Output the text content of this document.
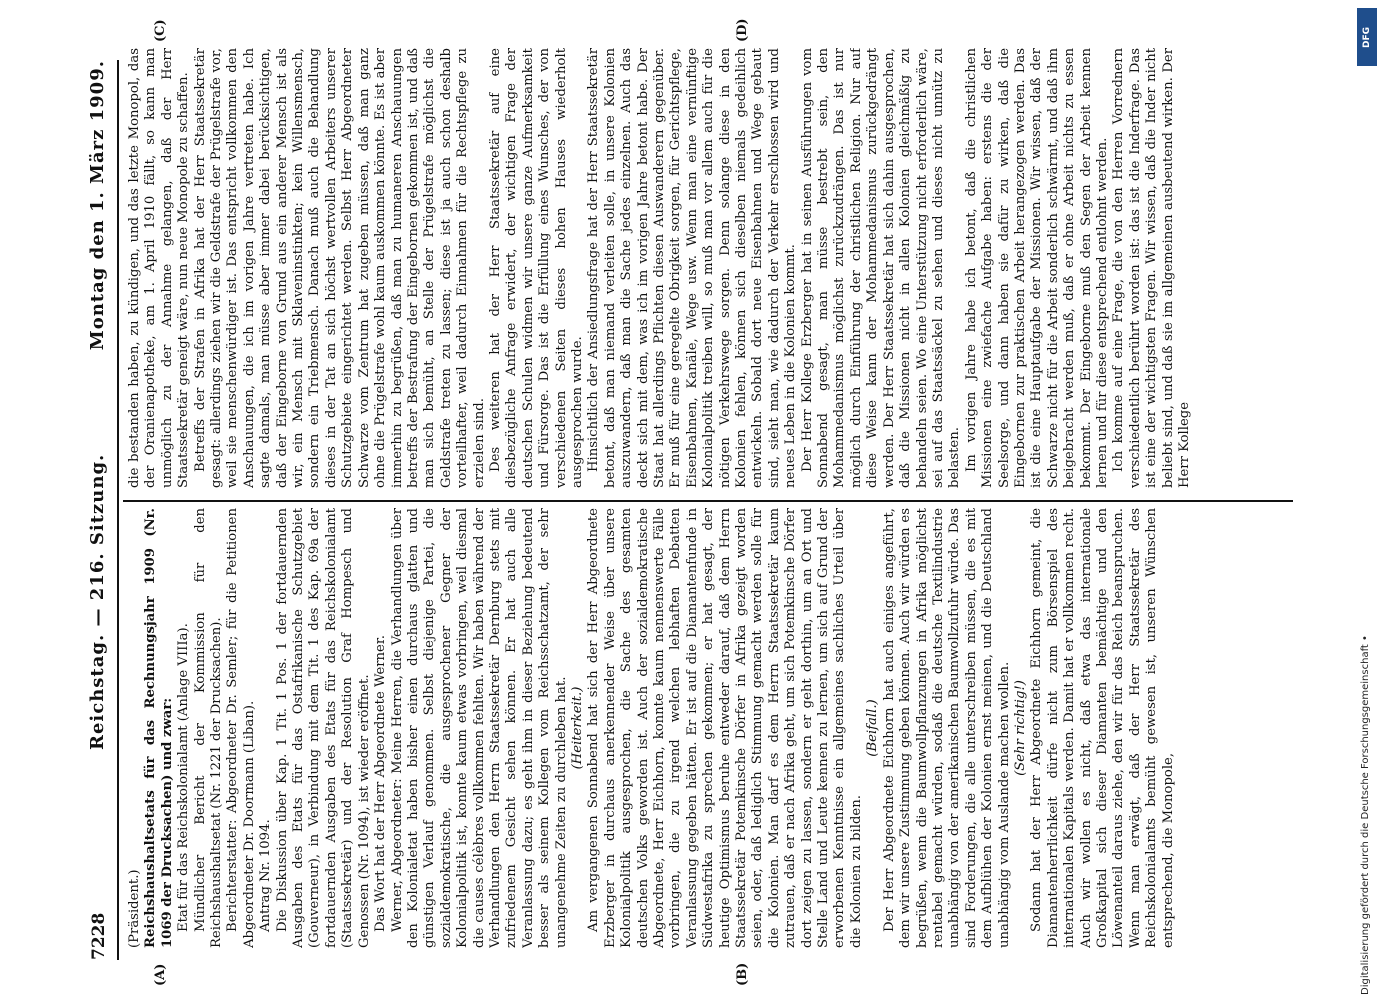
7228
Reichstag. — 216. Sitzung.
Montag den 1. März 1909.
(A)	(B)
(C)	(D)

(Präsident.) Reichshaushaltsetats für das Rechnungsjahr 1909 (Nr. 1069 der Drucksachen) und zwar: Etat für das Reichskolonialamt (Anlage VIIIa). Mündlicher Bericht der Kommission für den Reichshaushaltsetat (Nr. 1221 der Drucksachen). Berichterstatter: Abgeordneter Dr. Semler; für die Petitionen Abgeordneter Dr. Doormann (Liban). Antrag Nr. 1094. Die Diskussion über Kap. 1 Tit. 1 Pos. 1 der fortdauernden Ausgaben des Etats für das Ostafrikanische Schutzgebiet (Gouverneur), in Verbindung mit dem Tit. 1 des Kap. 69a der fortdauernden Ausgaben des Etats für das Reichskolonialamt (Staatssekretär) und der Resolution Graf Hompesch und Genossen (Nr. 1094), ist wieder eröffnet. Das Wort hat der Herr Abgeordnete Werner. Werner, Abgeordneter: Meine Herren, die Verhandlungen über den Kolonialetat haben bisher einen durchaus glatten und günstigen Verlauf genommen. Selbst diejenige Partei, die sozialdemokratische, die ausgesprochener Gegner der Kolonialpolitik ist, konnte kaum etwas vorbringen, weil diesmal die causes célèbres vollkommen fehlten. Wir haben während der Verhandlungen den Herrn Staatssekretär Dernburg stets mit zufriedenem Gesicht sehen können. Er hat auch alle Veranlassung dazu; es geht ihm in dieser Beziehung bedeutend besser als seinem Kollegen vom Reichsschatzamt, der sehr unangenehme Zeiten zu durchleben hat. (Heiterkeit.) Am vergangenen Sonnabend hat sich der Herr Abgeordnete Erzberger in durchaus anerkennender Weise über unsere Kolonialpolitik ausgesprochen, die Sache des gesamten deutschen Volks geworden ist. Auch der sozialdemokratische Abgeordnete, Herr Eichhorn, konnte kaum nennenswerte Fälle vorbringen, die zu irgend welchen lebhaften Debatten Veranlassung gegeben hätten. Er ist auf die Diamantenfunde in Südwestafrika zu sprechen gekommen; er hat gesagt, der heutige Optimismus beruhe entweder darauf, daß dem Herrn Staatssekretär Potemkinsche Dörfer in Afrika gezeigt worden seien, oder, daß lediglich Stimmung gemacht werden solle für die Kolonien. Man darf es dem Herrn Staatssekretär kaum zutrauen, daß er nach Afrika geht, um sich Potemkinsche Dörfer dort zeigen zu lassen, sondern er geht dorthin, um an Ort und Stelle Land und Leute kennen zu lernen, um sich auf Grund der erworbenen Kenntnisse ein allgemeines sachliches Urteil über die Kolonien zu bilden.

(Beifall.) Der Herr Abgeordnete Eichhorn hat auch einiges angeführt, dem wir unsere Zustimmung geben können. Auch wir würden es begrüßen, wenn die Baumwollpflanzungen in Afrika möglichst rentabel gemacht würden, sodaß die deutsche Textilindustrie unabhängig von der amerikanischen Baumwollzufuhr würde. Das sind Forderungen, die alle unterschreiben müssen, die es mit dem Aufblühen der Kolonien ernst meinen, und die Deutschland unabhängig vom Auslande machen wollen. (Sehr richtig!) Sodann hat der Herr Abgeordnete Eichhorn gemeint, die Diamantenherrlichkeit dürfe nicht zum Börsenspiel des internationalen Kapitals werden. Damit hat er vollkommen recht. Auch wir wollen es nicht, daß etwa das internationale Großkapital sich dieser Diamanten bemächtige und den Löwenanteil daraus ziehe, den wir für das Reich beanspruchen. Wenn man erwägt, daß der Herr Staatssekretär des Reichskolonialamts bemüht gewesen ist, unseren Wünschen entsprechend, die Monopole,

die bestanden haben, zu kündigen, und das letzte Monopol, das der Oranienapotheke, am 1. April 1910 fällt, so kann man unmöglich zu der Annahme gelangen, daß der Herr Staatssekretär geneigt wäre, nun neue Monopole zu schaffen. Betreffs der Strafen in Afrika hat der Herr Staatssekretär gesagt: allerdings ziehen wir die Geldstrafe der Prügelstrafe vor, weil sie menschenwürdiger ist. Das entspricht vollkommen den Anschauungen, die ich im vorigen Jahre vertreten habe. Ich sagte damals, man müsse aber immer dabei berücksichtigen, daß der Eingeborne von Grund aus ein anderer Mensch ist als wir, ein Mensch mit Sklaveninstinkten; kein Willensmensch, sondern ein Triebmensch. Danach muß auch die Behandlung dieses in der Tat an sich höchst wertvollen Arbeiters unserer Schutzgebiete eingerichtet werden. Selbst Herr Abgeordneter Schwarze vom Zentrum hat zugeben müssen, daß man ganz ohne die Prügelstrafe wohl kaum auskommen könnte. Es ist aber immerhin zu begrüßen, daß man zu humaneren Anschauungen betreffs der Bestrafung der Eingebornen gekommen ist, und daß man sich bemüht, an Stelle der Prügelstrafe möglichst die Geldstrafe treten zu lassen; diese ist ja auch schon deshalb vorteilhafter, weil dadurch Einnahmen für die Rechtspflege zu erzielen sind. Des weiteren hat der Herr Staatssekretär auf eine diesbezügliche Anfrage erwidert, der wichtigen Frage der deutschen Schulen widmen wir unsere ganze Aufmerksamkeit und Fürsorge. Das ist die Erfüllung eines Wunsches, der von verschiedenen Seiten dieses hohen Hauses wiederholt ausgesprochen wurde. Hinsichtlich der Ansiedlungsfrage hat der Herr Staatssekretär betont, daß man niemand verleiten solle, in unsere Kolonien auszuwandern, daß man die Sache jedes einzelnen. Auch das deckt sich mit dem, was ich im vorigen Jahre betont habe. Der Staat hat allerdings Pflichten diesen Auswanderern gegenüber. Er muß für eine geregelte Obrigkeit sorgen, für Gerichtspflege, Eisenbahnen, Kanäle, Wege usw. Wenn man eine vernünftige Kolonialpolitik treiben will, so muß man vor allem auch für die nötigen Verkehrswege sorgen. Denn solange diese in den Kolonien fehlen, können sich dieselben niemals gedeihlich entwickeln. Sobald dort neue Eisenbahnen und Wege gebaut sind, sieht man, wie dadurch der Verkehr erschlossen wird und neues Leben in die Kolonien kommt. Der Herr Kollege Erzberger hat in seinen Ausführungen vom Sonnabend gesagt, man müsse bestrebt sein, den Mohammedanismus möglichst zurückzudrängen. Das ist nur möglich durch Einführung der christlichen Religion. Nur auf diese Weise kann der Mohammedanismus zurückgedrängt werden. Der Herr Staatssekretär hat sich dahin ausgesprochen, daß die Missionen nicht in allen Kolonien gleichmäßig zu behandeln seien. Wo eine Unterstützung nicht erforderlich wäre, sei auf das Staatssäckel zu sehen und dieses nicht unnütz zu belasten. Im vorigen Jahre habe ich betont, daß die christlichen Missionen eine zwiefache Aufgabe haben: erstens die der Seelsorge, und dann haben sie dafür zu wirken, daß die Eingebornen zur praktischen Arbeit herangezogen werden. Das ist die eine Hauptaufgabe der Missionen. Wir wissen, daß der Schwarze nicht für die Arbeit sonderlich schwärmt, und daß ihm beigebracht werden muß, daß er ohne Arbeit nichts zu essen bekommt. Der Eingeborne muß den Segen der Arbeit kennen lernen und für diese entsprechend entlohnt werden. Ich komme auf eine Frage, die von den Herren Vorrednern verschiedentlich berührt worden ist: das ist die Inderfrage. Das ist eine der wichtigsten Fragen. Wir wissen, daß die Inder nicht beliebt sind, und daß sie im allgemeinen ausbeutend wirken. Der Herr Kollege

DFG
Digitalisierung gefördert durch die Deutsche Forschungsgemeinschaft •
